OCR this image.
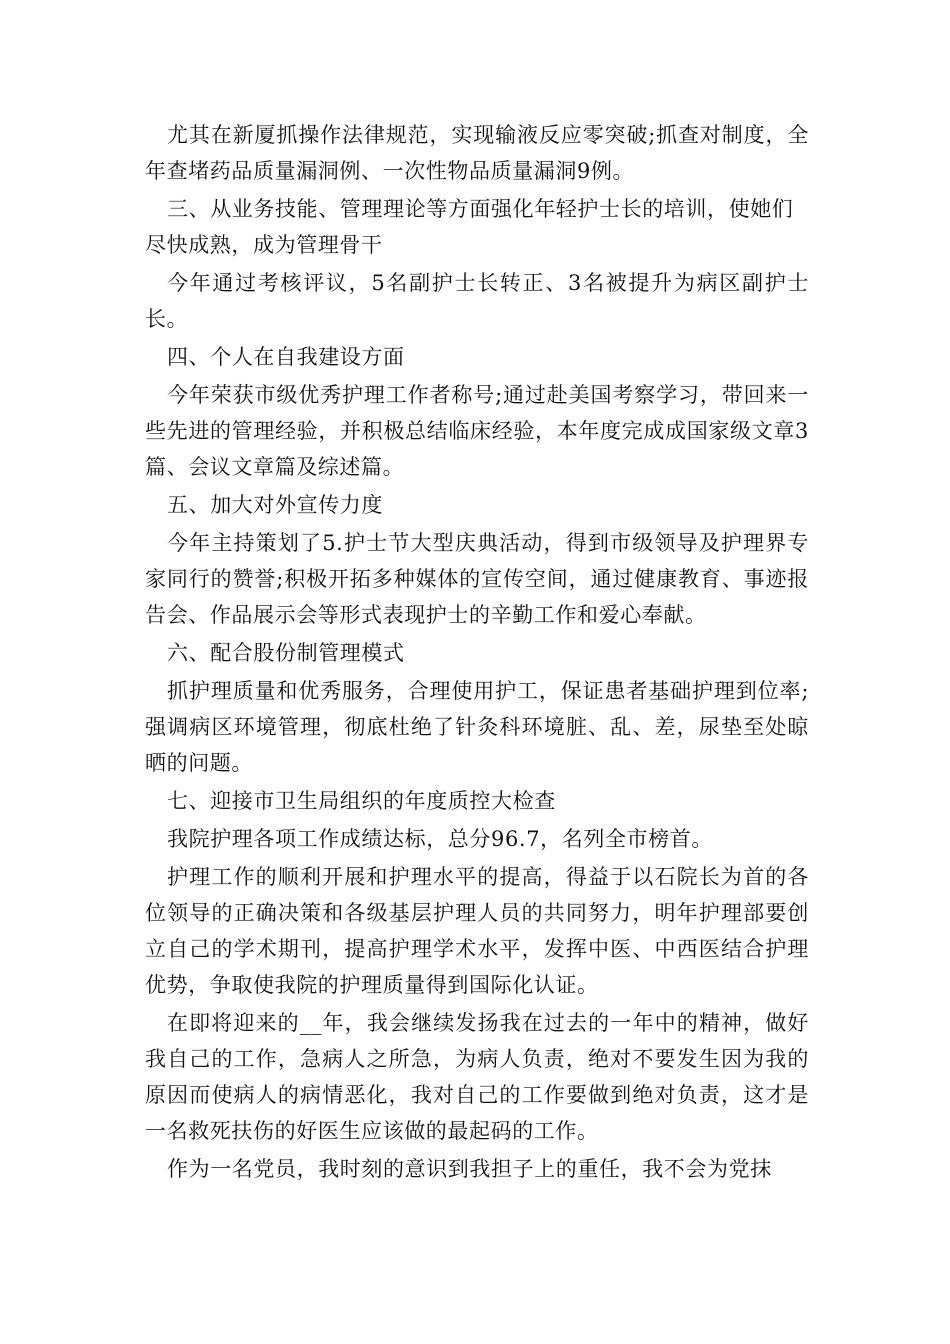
尤其在新厦抓操作法律规范，实现输液反应零突破;抓查对制度，全年查堵药品质量漏洞例、一次性物品质量漏洞9例。

三、从业务技能、管理理论等方面强化年轻护士长的培训，使她们尽快成熟，成为管理骨干

今年通过考核评议，5名副护士长转正、3名被提升为病区副护士长。

四、个人在自我建设方面

今年荣获市级优秀护理工作者称号;通过赴美国考察学习，带回来一些先进的管理经验，并积极总结临床经验，本年度完成成国家级文章3篇、会议文章篇及综述篇。

五、加大对外宣传力度

今年主持策划了5.护士节大型庆典活动，得到市级领导及护理界专家同行的赞誉;积极开拓多种媒体的宣传空间，通过健康教育、事迹报告会、作品展示会等形式表现护士的辛勤工作和爱心奉献。

六、配合股份制管理模式

抓护理质量和优秀服务，合理使用护工，保证患者基础护理到位率;强调病区环境管理，彻底杜绝了针灸科环境脏、乱、差，尿垫至处晾晒的问题。

七、迎接市卫生局组织的年度质控大检查

我院护理各项工作成绩达标，总分96.7，名列全市榜首。

护理工作的顺利开展和护理水平的提高，得益于以石院长为首的各位领导的正确决策和各级基层护理人员的共同努力，明年护理部要创立自己的学术期刊，提高护理学术水平，发挥中医、中西医结合护理优势，争取使我院的护理质量得到国际化认证。

在即将迎来的__年，我会继续发扬我在过去的一年中的精神，做好我自己的工作，急病人之所急，为病人负责，绝对不要发生因为我的原因而使病人的病情恶化，我对自己的工作要做到绝对负责，这才是一名救死扶伤的好医生应该做的最起码的工作。

作为一名党员，我时刻的意识到我担子上的重任，我不会为党抹
